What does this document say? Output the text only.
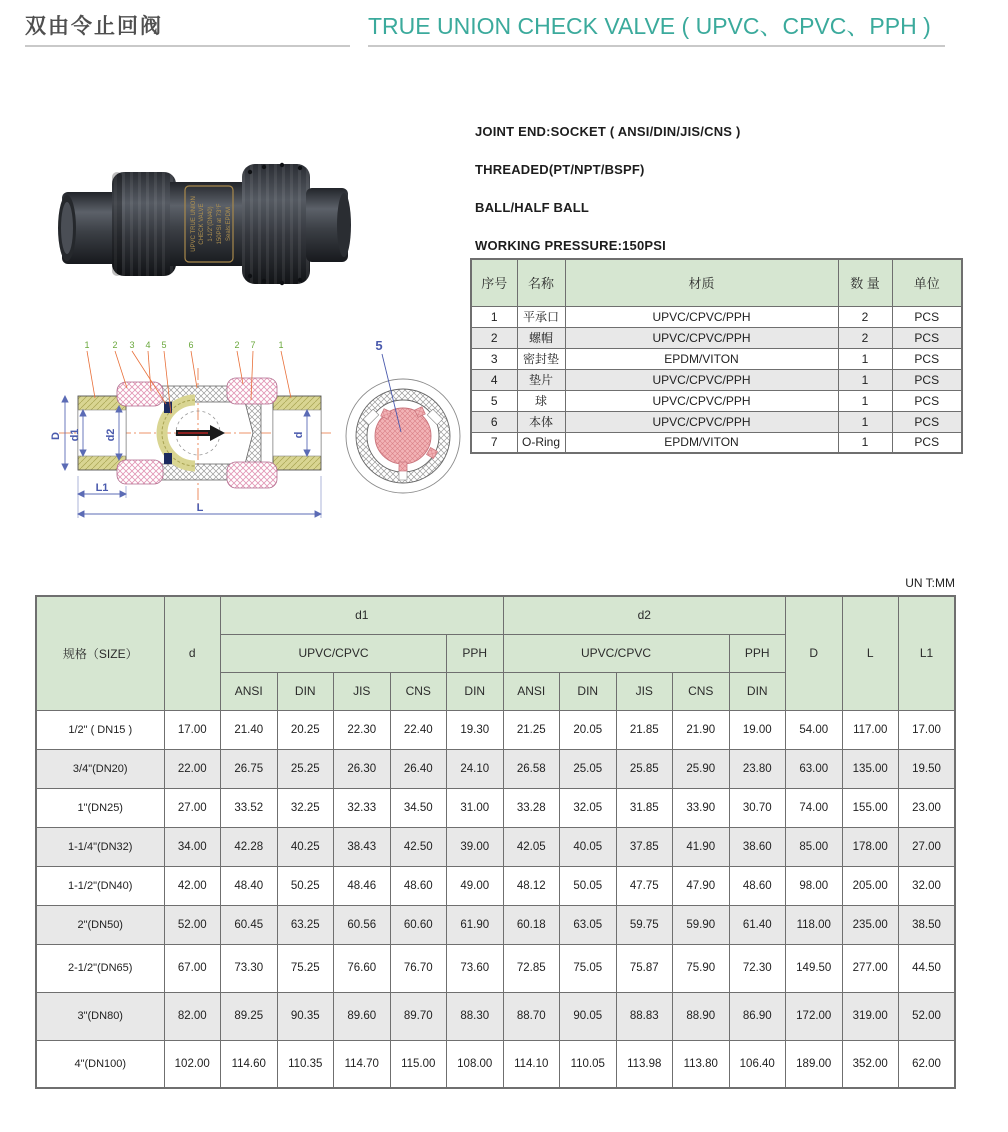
双由令止回阀	TRUE UNION CHECK VALVE ( UPVC、CPVC、PPH )
UPVC TRUE UNION CHECK VALVE 1-1/2"(DN40) 150PSI at 73°F Seals:EPDM

JOINT END:SOCKET ( ANSI/DIN/JIS/CNS )

THREADED(PT/NPT/BSPF)

BALL/HALF BALL

WORKING PRESSURE:150PSI

序号	名称	材质	数 量	单位
1	平承口	UPVC/CPVC/PPH	2	PCS
2	螺帽	UPVC/CPVC/PPH	2	PCS
3	密封垫	EPDM/VITON	1	PCS
4	垫片	UPVC/CPVC/PPH	1	PCS
5	球	UPVC/CPVC/PPH	1	PCS
6	本体	UPVC/CPVC/PPH	1	PCS
7	O-Ring	EPDM/VITON	1	PCS
1	2 3 4 5 6	2 7	1
D d1 d2	d
L1
L
5
UN T:MM
规格（SIZE）	d	d1					d2					D	L	L1
		UPVC/CPVC				PPH	UPVC/CPVC				PPH			
		ANSI	DIN	JIS	CNS	DIN	ANSI	DIN	JIS	CNS	DIN			
1/2" ( DN15 )	17.00	21.40	20.25	22.30	22.40	19.30	21.25	20.05	21.85	21.90	19.00	54.00	117.00	17.00
3/4"(DN20)	22.00	26.75	25.25	26.30	26.40	24.10	26.58	25.05	25.85	25.90	23.80	63.00	135.00	19.50
1"(DN25)	27.00	33.52	32.25	32.33	34.50	31.00	33.28	32.05	31.85	33.90	30.70	74.00	155.00	23.00
1-1/4"(DN32)	34.00	42.28	40.25	38.43	42.50	39.00	42.05	40.05	37.85	41.90	38.60	85.00	178.00	27.00
1-1/2"(DN40)	42.00	48.40	50.25	48.46	48.60	49.00	48.12	50.05	47.75	47.90	48.60	98.00	205.00	32.00
2"(DN50)	52.00	60.45	63.25	60.56	60.60	61.90	60.18	63.05	59.75	59.90	61.40	118.00	235.00	38.50
2-1/2"(DN65)	67.00	73.30	75.25	76.60	76.70	73.60	72.85	75.05	75.87	75.90	72.30	149.50	277.00	44.50
3"(DN80)	82.00	89.25	90.35	89.60	89.70	88.30	88.70	90.05	88.83	88.90	86.90	172.00	319.00	52.00
4"(DN100)	102.00	114.60	110.35	114.70	115.00	108.00	114.10	110.05	113.98	113.80	106.40	189.00	352.00	62.00
